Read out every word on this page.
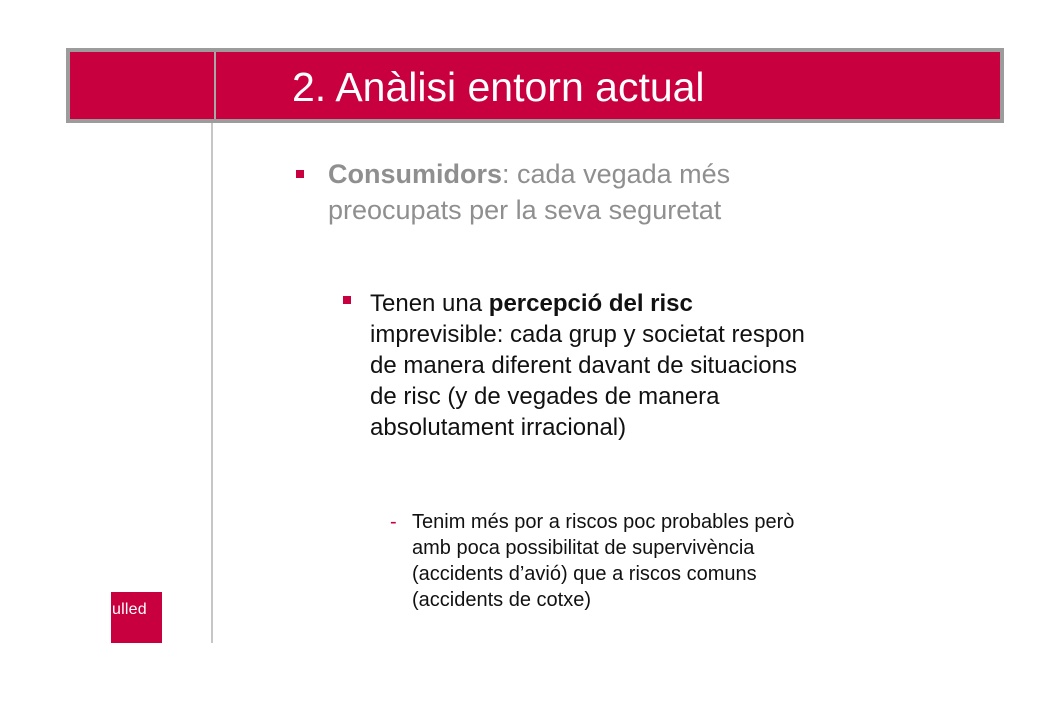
2. Anàlisi entorn actual
ulled

Consumidors: cada vegada més
preocupats per la seva seguretat

Tenen una percepció del risc
imprevisible: cada grup y societat respon
de manera diferent davant de situacions
de risc (y de vegades de manera
absolutament irracional)

- Tenim més por a riscos poc probables però
amb poca possibilitat de supervivència
(accidents d’avió) que a riscos comuns
(accidents de cotxe)
